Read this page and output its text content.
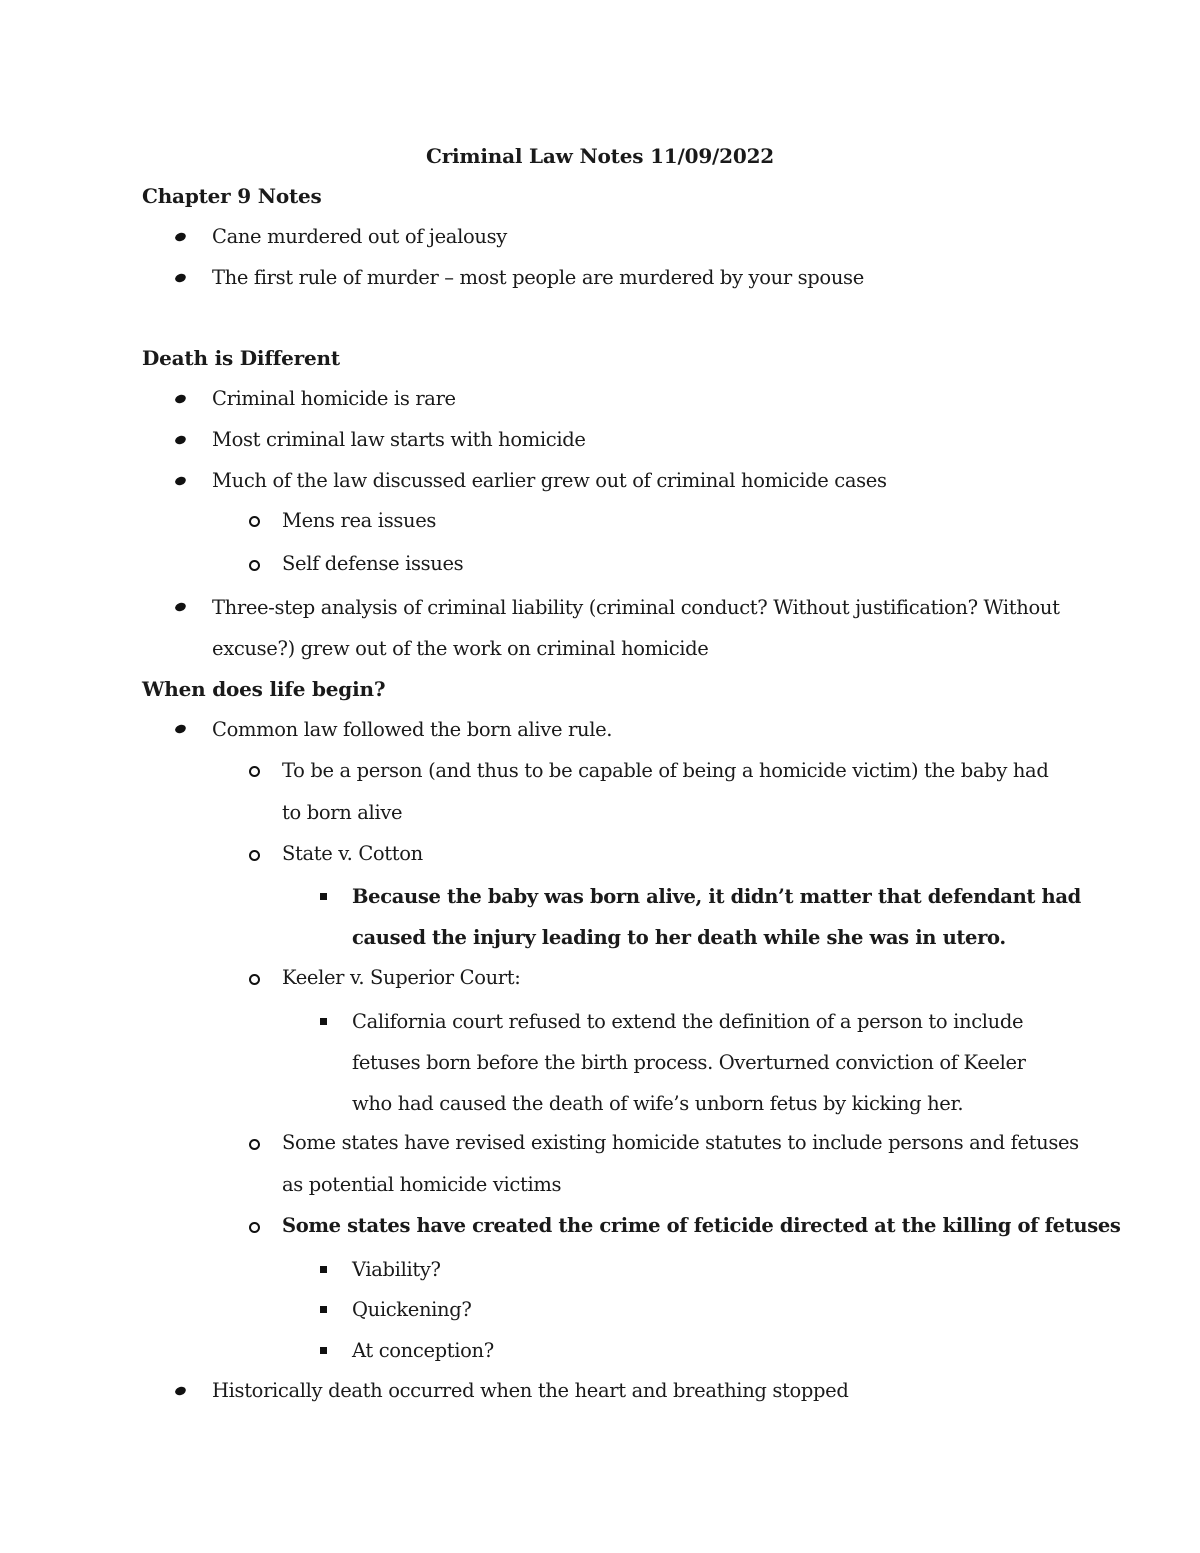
Criminal Law Notes 11/09/2022
Chapter 9 Notes
Cane murdered out of jealousy
The first rule of murder – most people are murdered by your spouse
Death is Different
Criminal homicide is rare
Most criminal law starts with homicide
Much of the law discussed earlier grew out of criminal homicide cases
Mens rea issues
Self defense issues
Three-step analysis of criminal liability (criminal conduct? Without justification? Without
excuse?) grew out of the work on criminal homicide
When does life begin?
Common law followed the born alive rule.
To be a person (and thus to be capable of being a homicide victim) the baby had
to born alive
State v. Cotton
Because the baby was born alive, it didn’t matter that defendant had
caused the injury leading to her death while she was in utero.
Keeler v. Superior Court:
California court refused to extend the definition of a person to include
fetuses born before the birth process. Overturned conviction of Keeler
who had caused the death of wife’s unborn fetus by kicking her.
Some states have revised existing homicide statutes to include persons and fetuses
as potential homicide victims
Some states have created the crime of feticide directed at the killing of fetuses
Viability?
Quickening?
At conception?
Historically death occurred when the heart and breathing stopped
